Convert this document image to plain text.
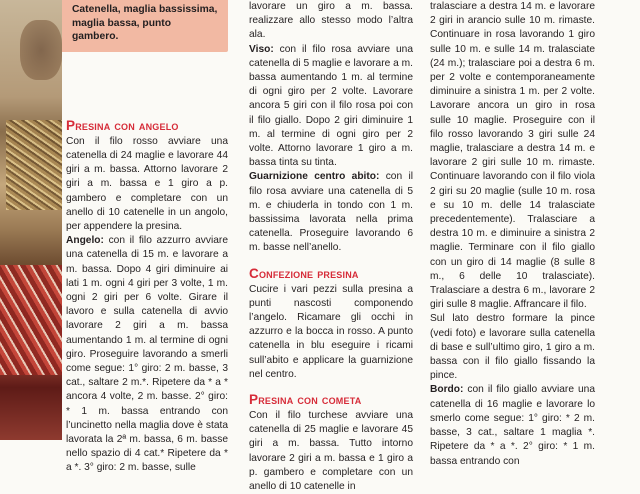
Catenella, maglia bassissima, maglia bassa, punto gambero.

Presina con angelo

Con il filo rosso avviare una catenella di 24 maglie e lavorare 44 giri a m. bassa. Attorno lavorare 2 giri a m. bassa e 1 giro a p. gambero e completare con un anello di 10 catenelle in un angolo, per appendere la presina.

Angelo: con il filo azzurro avviare una catenella di 15 m. e lavorare a m. bassa. Dopo 4 giri diminuire ai lati 1 m. ogni 4 giri per 3 volte, 1 m. ogni 2 giri per 6 volte. Girare il lavoro e sulla catenella di avvio lavorare 2 giri a m. bassa aumentando 1 m. al termine di ogni giro. Proseguire lavorando a smerli come segue: 1° giro: 2 m. basse, 3 cat., saltare 2 m.*. Ripetere da * a * ancora 4 volte, 2 m. basse. 2° giro: * 1 m. bassa entrando con l’uncinetto nella maglia dove è stata lavorata la 2ª m. bassa, 6 m. basse nello spazio di 4 cat.* Ripetere da * a *. 3° giro: 2 m. basse, sulle

lavorare un giro a m. bassa. realizzare allo stesso modo l’altra ala.

Viso: con il filo rosa avviare una catenella di 5 maglie e lavorare a m. bassa aumentando 1 m. al termine di ogni giro per 2 volte. Lavorare ancora 5 giri con il filo rosa poi con il filo giallo. Dopo 2 giri diminuire 1 m. al termine di ogni giro per 2 volte. Attorno lavorare 1 giro a m. bassa tinta su tinta.

Guarnizione centro abito: con il filo rosa avviare una catenella di 5 m. e chiuderla in tondo con 1 m. bassissima lavorata nella prima catenella. Proseguire lavorando 6 m. basse nell’anello.

Confezione presina

Cucire i vari pezzi sulla presina a punti nascosti componendo l’angelo. Ricamare gli occhi in azzurro e la bocca in rosso. A punto catenella in blu eseguire i ricami sull’abito e applicare la guarnizione nel centro.

Presina con cometa

Con il filo turchese avviare una catenella di 25 maglie e lavorare 45 giri a m. bassa. Tutto intorno lavorare 2 giri a m. bassa e 1 giro a p. gambero e completare con un anello di 10 catenelle in

tralasciare a destra 14 m. e lavorare 2 giri in arancio sulle 10 m. rimaste. Continuare in rosa lavorando 1 giro sulle 10 m. e sulle 14 m. tralasciate (24 m.); tralasciare poi a destra 6 m. per 2 volte e contemporaneamente diminuire a sinistra 1 m. per 2 volte. Lavorare ancora un giro in rosa sulle 10 maglie. Proseguire con il filo rosso lavorando 3 giri sulle 24 maglie, tralasciare a destra 14 m. e lavorare 2 giri sulle 10 m. rimaste. Continuare lavorando con il filo viola 2 giri su 20 maglie (sulle 10 m. rosa e su 10 m. delle 14 tralasciate precedentemente). Tralasciare a destra 10 m. e diminuire a sinistra 2 maglie. Terminare con il filo giallo con un giro di 14 maglie (8 sulle 8 m., 6 delle 10 tralasciate). Tralasciare a destra 6 m., lavorare 2 giri sulle 8 maglie. Affrancare il filo.

Sul lato destro formare la pince (vedi foto) e lavorare sulla catenella di base e sull’ultimo giro, 1 giro a m. bassa con il filo giallo fissando la pince.

Bordo: con il filo giallo avviare una catenella di 16 maglie e lavorare lo smerlo come segue: 1° giro: * 2 m. basse, 3 cat., saltare 1 maglia *. Ripetere da * a *. 2° giro: * 1 m. bassa entrando con
